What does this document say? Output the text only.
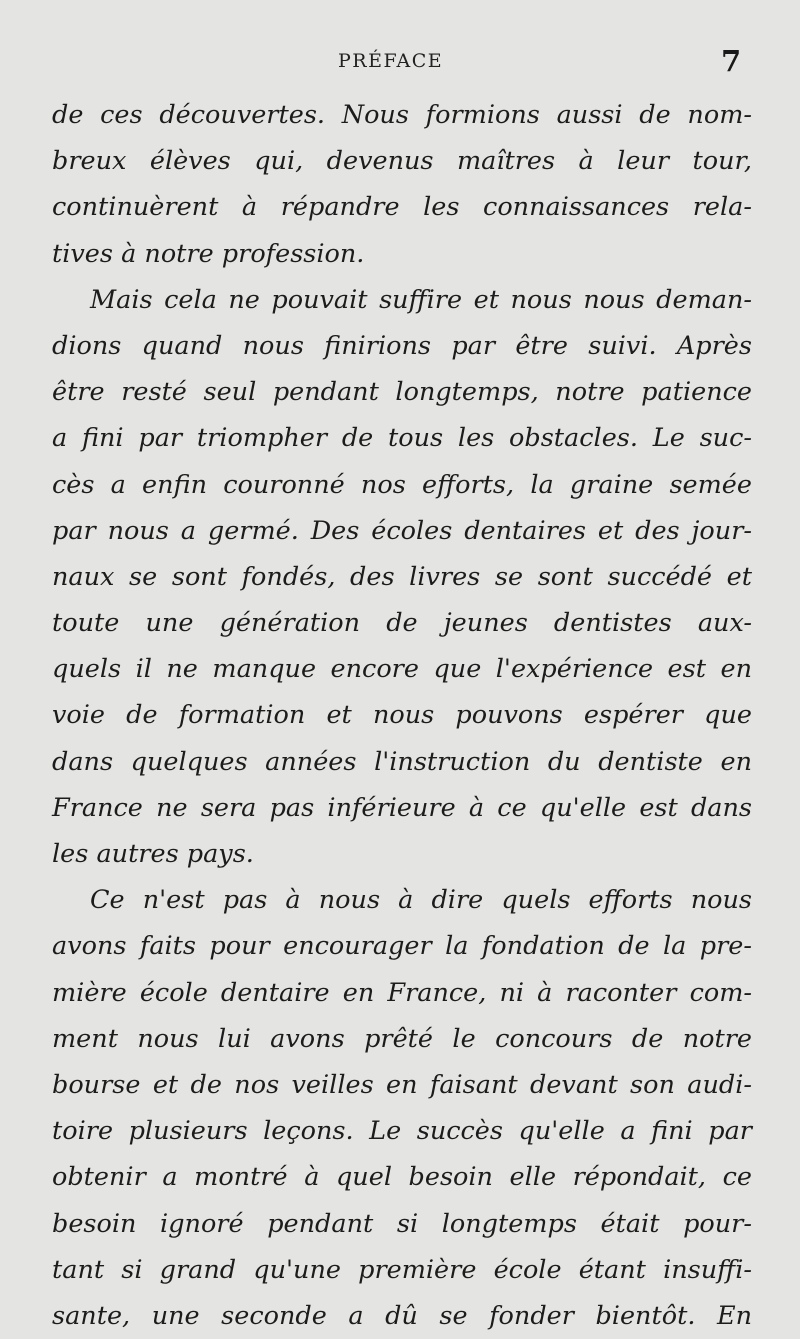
PRÉFACE	7
de ces découvertes. Nous formions aussi de nom-
breux élèves qui, devenus maîtres à leur tour,
continuèrent à répandre les connaissances rela-
tives à notre profession.
Mais cela ne pouvait suffire et nous nous deman-
dions quand nous finirions par être suivi. Après
être resté seul pendant longtemps, notre patience
a fini par triompher de tous les obstacles. Le suc-
cès a enfin couronné nos efforts, la graine semée
par nous a germé. Des écoles dentaires et des jour-
naux se sont fondés, des livres se sont succédé et
toute une génération de jeunes dentistes aux-
quels il ne manque encore que l'expérience est en
voie de formation et nous pouvons espérer que
dans quelques années l'instruction du dentiste en
France ne sera pas inférieure à ce qu'elle est dans
les autres pays.
Ce n'est pas à nous à dire quels efforts nous
avons faits pour encourager la fondation de la pre-
mière école dentaire en France, ni à raconter com-
ment nous lui avons prêté le concours de notre
bourse et de nos veilles en faisant devant son audi-
toire plusieurs leçons. Le succès qu'elle a fini par
obtenir a montré à quel besoin elle répondait, ce
besoin ignoré pendant si longtemps était pour-
tant si grand qu'une première école étant insuffi-
sante, une seconde a dû se fonder bientôt. En
